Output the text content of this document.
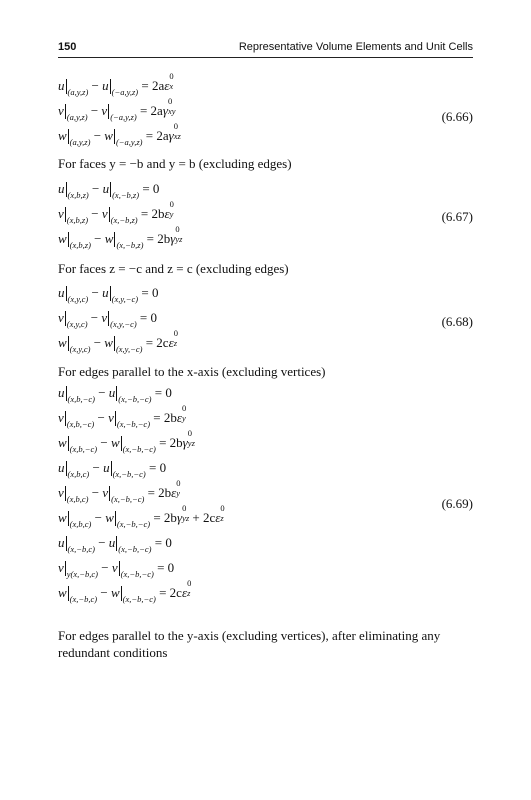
150	Representative Volume Elements and Unit Cells
u $_{(a,y,z)}$ − u $_{(-a,y,z)}$ = 2aε
0
x
v $_{(a,y,z)}$ − v $_{(-a,y,z)}$ = 2aγ
0
xy
w $_{(a,y,z)}$ − w $_{(-a,y,z)}$ = 2aγ
0
xz
u $_{(x,b,z)}$ − u $_{(x,-b,z)}$ = 0
v $_{(x,b,z)}$ − v $_{(x,-b,z)}$ = 2bε
0
y
w $_{(x,b,z)}$ − w $_{(x,-b,z)}$ = 2bγ
0
yz
u $_{(x,y,c)}$ − u $_{(x,y,-c)}$ = 0
v $_{(x,y,c)}$ − v $_{(x,y,-c)}$ = 0
w $_{(x,y,c)}$ − w $_{(x,y,-c)}$ = 2cε
0
z
u $_{(x,b,-c)}$ − u $_{(x,-b,-c)}$ = 0
v $_{(x,b,-c)}$ − v $_{(x,-b,-c)}$ = 2bε
0
y
w $_{(x,b,-c)}$ − w $_{(x,-b,-c)}$ = 2bγ
0
yz
u $_{(x,b,c)}$ − u $_{(x,-b,-c)}$ = 0
v $_{(x,b,c)}$ − v $_{(x,-b,-c)}$ = 2bε
0
y
w $_{(x,b,c)}$ − w $_{(x,-b,-c)}$ = 2bγ
0
yz + 2cε
0
z
u $_{(x,-b,c)}$ − u $_{(x,-b,-c)}$ = 0
v $_{y(x,-b,c)}$ − v $_{(x,-b,-c)}$ = 0
w $_{(x,-b,c)}$ − w $_{(x,-b,-c)}$ = 2cε
0
z
(6.66)
(6.67)
(6.68)
(6.69)
For faces y = −b and y = b (excluding edges)
For faces z = −c and z = c (excluding edges)
For edges parallel to the x-axis (excluding vertices)
For edges parallel to the y-axis (excluding vertices), after eliminating any redundant conditions
